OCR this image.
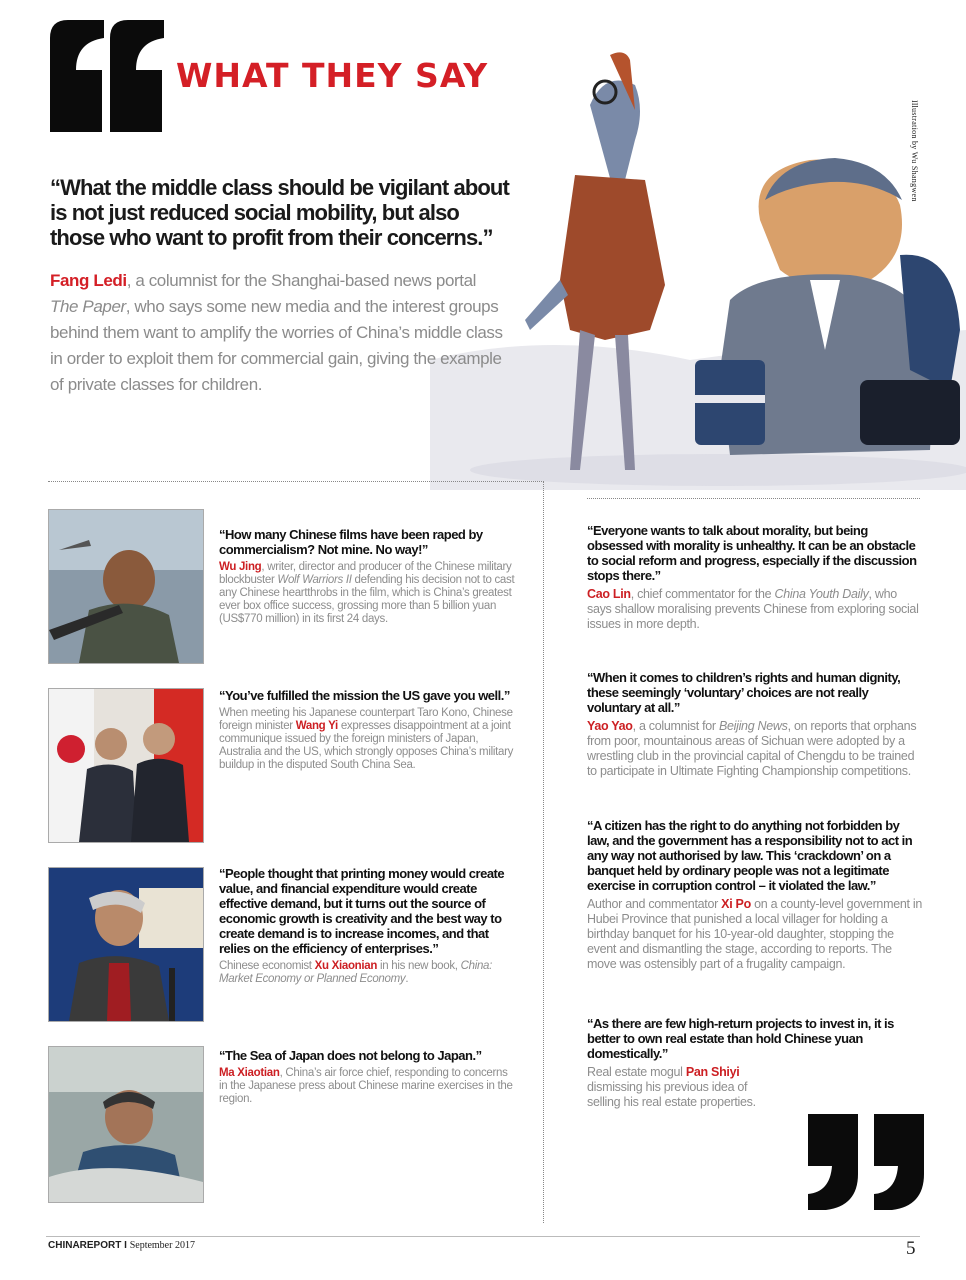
WHAT THEY SAY
Illustration by Wu Shangwen
“What the middle class should be vigilant about is not just reduced social mobility, but also those who want to profit from their concerns.”
Fang Ledi, a columnist for the Shanghai-based news portal The Paper, who says some new media and the interest groups behind them want to amplify the worries of China’s middle class in order to exploit them for commercial gain, giving the example of private classes for children.
“How many Chinese films have been raped by commercialism? Not mine. No way!”
Wu Jing, writer, director and producer of the Chinese military blockbuster Wolf Warriors II defending his decision not to cast any Chinese heartthrobs in the film, which is China’s greatest ever box office success, grossing more than 5 billion yuan (US$770 million) in its first 24 days.
“You’ve fulfilled the mission the US gave you well.”
When meeting his Japanese counterpart Taro Kono, Chinese foreign minister Wang Yi expresses disappointment at a joint communique issued by the foreign ministers of Japan, Australia and the US, which strongly opposes China’s military buildup in the disputed South China Sea.
“People thought that printing money would create value, and financial expenditure would create effective demand, but it turns out the source of economic growth is creativity and the best way to create demand is to increase incomes, and that relies on the efficiency of enterprises.”
Chinese economist Xu Xiaonian in his new book, China: Market Economy or Planned Economy.
“The Sea of Japan does not belong to Japan.”
Ma Xiaotian, China’s air force chief, responding to concerns in the Japanese press about Chinese marine exercises in the region.
“Everyone wants to talk about morality, but being obsessed with morality is unhealthy. It can be an obstacle to social reform and progress, especially if the discussion stops there.”
Cao Lin, chief commentator for the China Youth Daily, who says shallow moralising prevents Chinese from exploring social issues in more depth.
“When it comes to children’s rights and human dignity, these seemingly ‘voluntary’ choices are not really voluntary at all.”
Yao Yao, a columnist for Beijing News, on reports that orphans from poor, mountainous areas of Sichuan were adopted by a wrestling club in the provincial capital of Chengdu to be trained to participate in Ultimate Fighting Championship competitions.
“A citizen has the right to do anything not forbidden by law, and the government has a responsibility not to act in any way not authorised by law. This ‘crackdown’ on a banquet held by ordinary people was not a legitimate exercise in corruption control – it violated the law.”
Author and commentator Xi Po on a county-level government in Hubei Province that punished a local villager for holding a birthday banquet for his 10-year-old daughter, stopping the event and dismantling the stage, according to reports. The move was ostensibly part of a frugality campaign.
“As there are few high-return projects to invest in, it is better to own real estate than hold Chinese yuan domestically.”
Real estate mogul Pan Shiyi dismissing his previous idea of selling his real estate properties.
CHINAREPORT I September 2017	5
